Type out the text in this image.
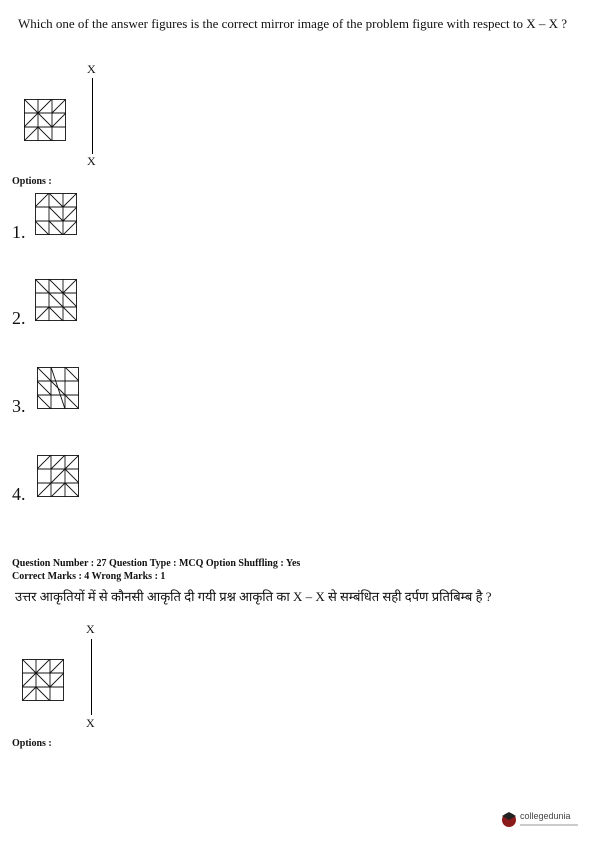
Which one of the answer figures is the correct mirror image of the problem figure with respect to X – X ?
X
X
Options :
1.
2.
3.
4.
Question Number : 27 Question Type : MCQ Option Shuffling : Yes
Correct Marks : 4 Wrong Marks : 1
उत्तर आकृतियों में से कौनसी आकृति दी गयी प्रश्न आकृति का X – X से सम्बंधित सही दर्पण प्रतिबिम्ब है ?
X
X
Options :
collegedunia
